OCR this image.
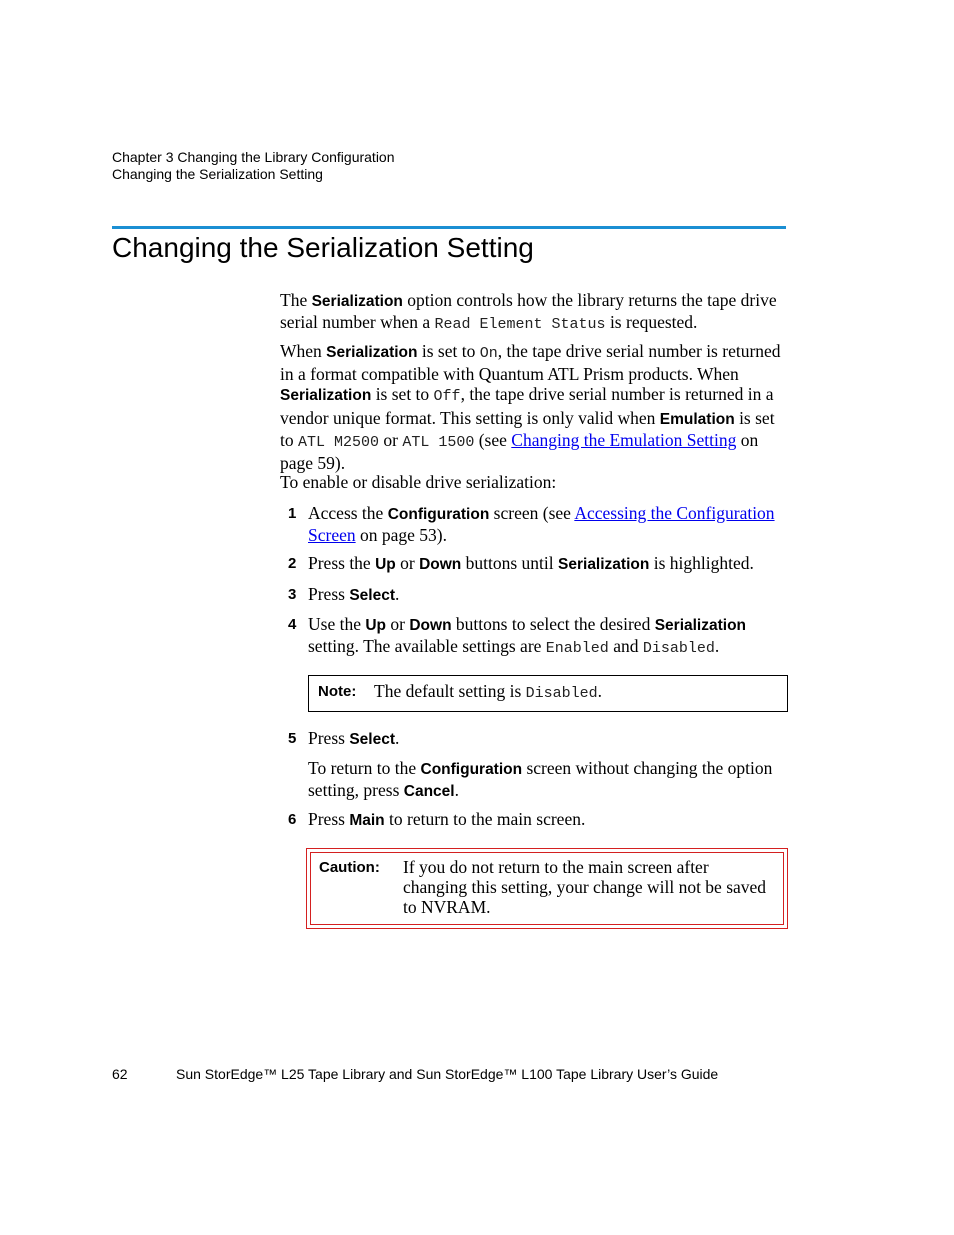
Chapter 3 Changing the Library Configuration
Changing the Serialization Setting
Changing the Serialization Setting

The Serialization option controls how the library returns the tape drive serial number when a Read Element Status is requested.

When Serialization is set to On, the tape drive serial number is returned in a format compatible with Quantum ATL Prism products. When Serialization is set to Off, the tape drive serial number is returned in a vendor unique format. This setting is only valid when Emulation is set to ATL M2500 or ATL 1500 (see Changing the Emulation Setting on page 59).

To enable or disable drive serialization:

1 Access the Configuration screen (see Accessing the Configuration Screen on page 53).

2 Press the Up or Down buttons until Serialization is highlighted.

3 Press Select.

4 Use the Up or Down buttons to select the desired Serialization setting. The available settings are Enabled and Disabled.

Note: The default setting is Disabled.
5 Press Select.

To return to the Configuration screen without changing the option setting, press Cancel.

6 Press Main to return to the main screen.

Caution: If you do not return to the main screen after changing this setting, your change will not be saved to NVRAM.
62	Sun StorEdge™ L25 Tape Library and Sun StorEdge™ L100 Tape Library User’s Guide
